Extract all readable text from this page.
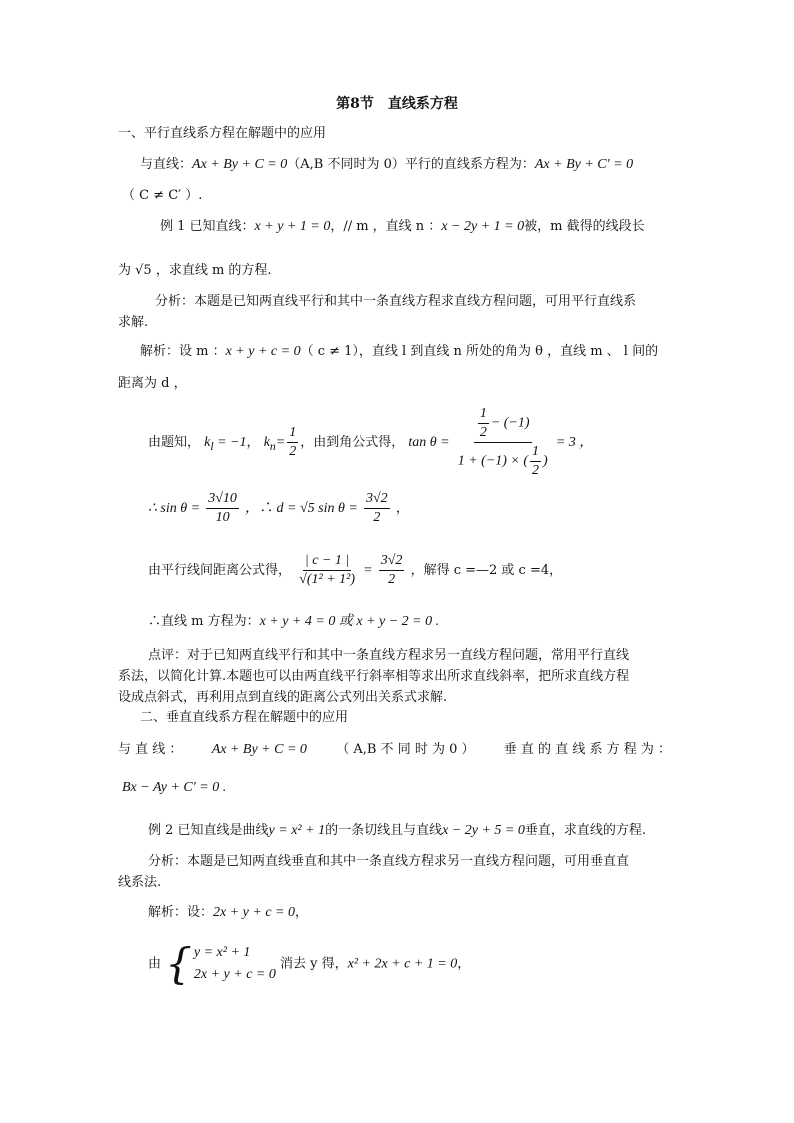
第8节　直线系方程
一、平行直线系方程在解题中的应用
与直线：Ax + By + C = 0（A,B 不同时为 0）平行的直线系方程为：Ax + By + C′ = 0
（ C ≠ C′ ）.
例 1 已知直线：x + y + 1 = 0，// m ，直线 n ：x − 2y + 1 = 0被，m 截得的线段长
为 √5 ，求直线 m 的方程.
分析：本题是已知两直线平行和其中一条直线方程求直线方程问题，可用平行直线系
求解.
解析：设 m ：x + y + c = 0（ c ≠ 1），直线 l 到直线 n 所处的角为 θ ，直线 m 、 l 间的
距离为 d ，
由题知， $k_l = -1$， $k_n= \frac{1}{2}$ ，由到角公式得， $\tan \theta = \frac{\frac{1}{2} - (-1)}{1 + (-1) \times ( \frac{1}{2} )} = 3$ ，
∴ $\sin \theta = \frac{3√10}{10}$ ，∴ d = √5 $\sin \theta = \frac{3√2}{2}$ ，
由平行线间距离公式得， $\frac{| c - 1 |}{\text{√(1² + 1²)}} = \frac{3√2}{2}$ ，解得 c =—2 或 c =4，
∴直线 m 方程为：x + y + 4 = 0 或 x + y − 2 = 0 .
点评：对于已知两直线平行和其中一条直线方程求另一直线方程问题，常用平行直线
系法，以简化计算.本题也可以由两直线平行斜率相等求出所求直线斜率，把所求直线方程
设成点斜式，再利用点到直线的距离公式列出关系式求解.
二、垂直直线系方程在解题中的应用
与 直 线 ： Ax + By + C = 0 （ A,B 不 同 时 为 0 ） 垂 直 的 直 线 系 方 程 为 ：
Bx − Ay + C′ = 0 .
例 2 已知直线是曲线y = x² + 1的一条切线且与直线x − 2y + 5 = 0垂直，求直线的方程.
分析：本题是已知两直线垂直和其中一条直线方程求另一直线方程问题，可用垂直直
线系法.
解析：设：2x + y + c = 0，
由 { y = x² + 1
2x + y + c = 0
消去 y 得，x² + 2x + c + 1 = 0，
